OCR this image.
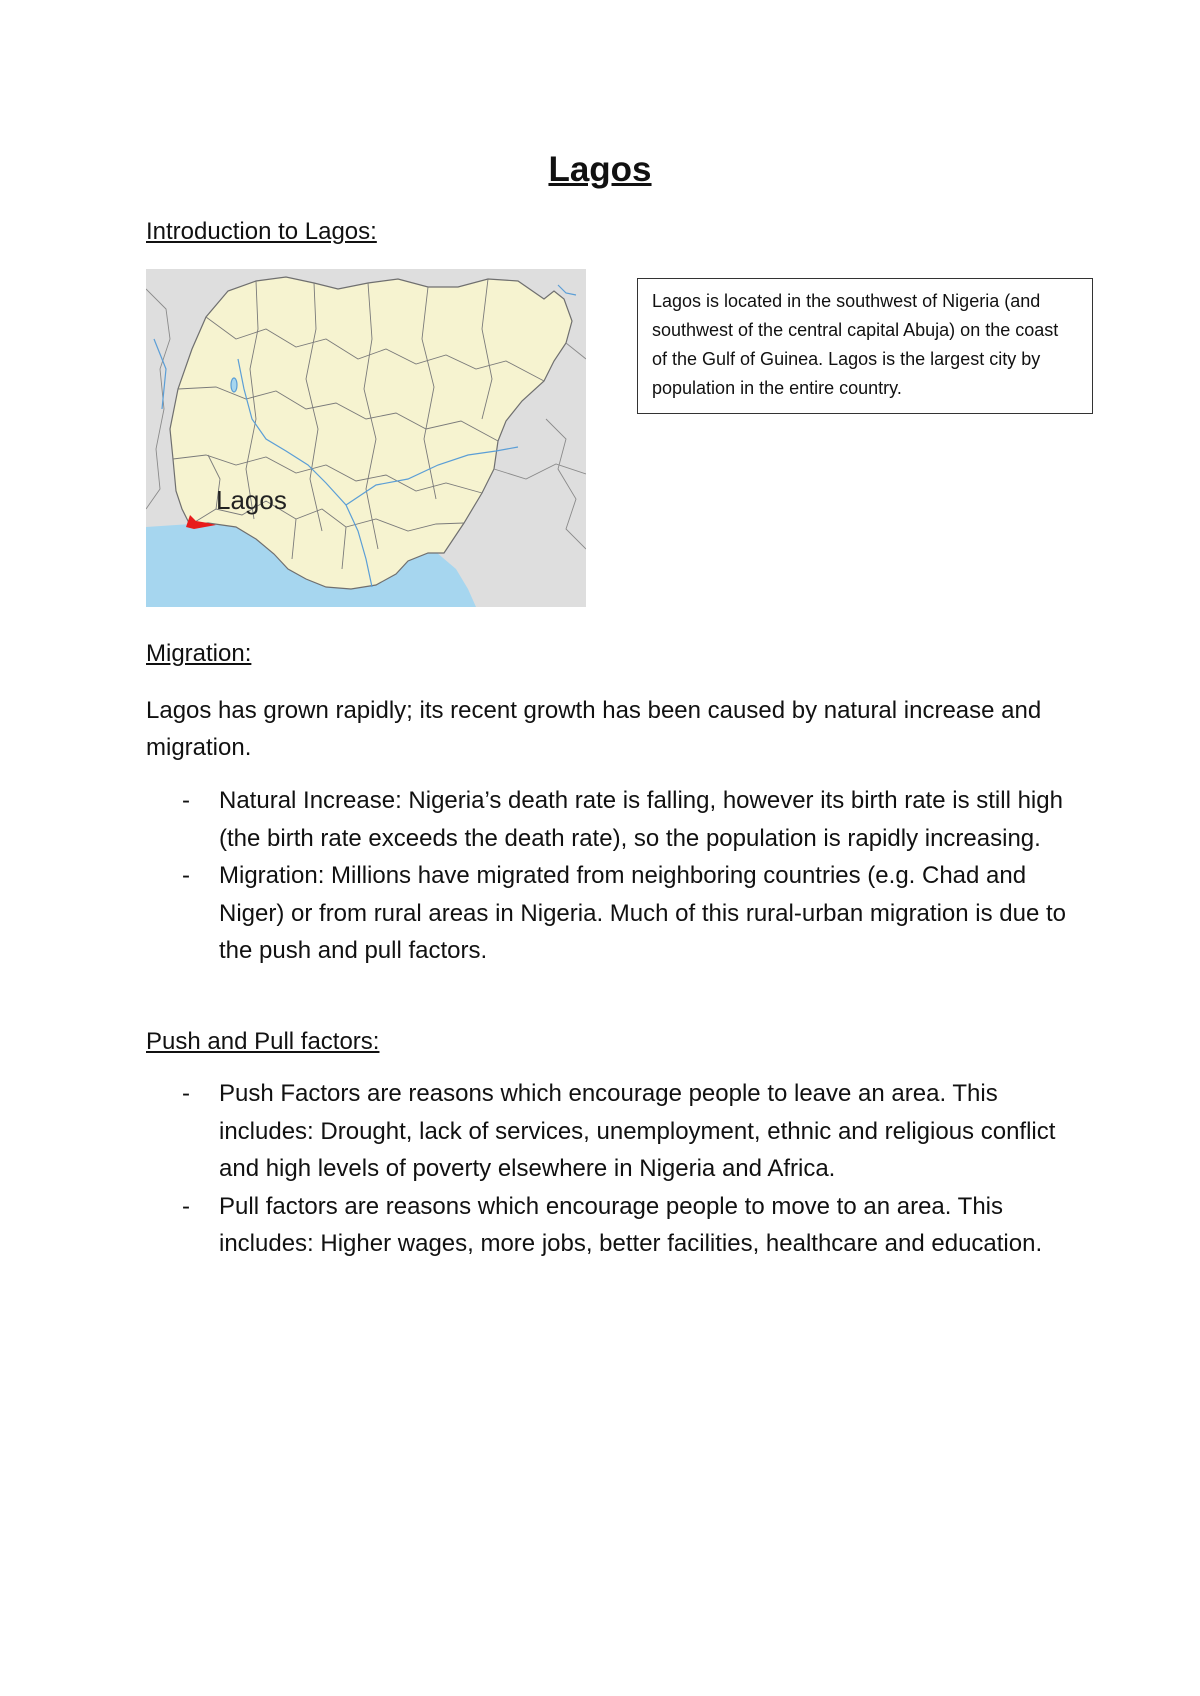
Lagos
Introduction to Lagos:
Lagos
Lagos is located in the southwest of Nigeria (and southwest of the central capital Abuja) on the coast of the Gulf of Guinea. Lagos is the largest city by population in the entire country.
Migration:

Lagos has grown rapidly; its recent growth has been caused by natural increase and migration.

- Natural Increase: Nigeria’s death rate is falling, however its birth rate is still high (the birth rate exceeds the death rate), so the population is rapidly increasing.
- Migration: Millions have migrated from neighboring countries (e.g. Chad and Niger) or from rural areas in Nigeria. Much of this rural-urban migration is due to the push and pull factors.
Push and Pull factors:
- Push Factors are reasons which encourage people to leave an area. This includes: Drought, lack of services, unemployment, ethnic and religious conflict and high levels of poverty elsewhere in Nigeria and Africa.
- Pull factors are reasons which encourage people to move to an area. This includes: Higher wages, more jobs, better facilities, healthcare and education.
